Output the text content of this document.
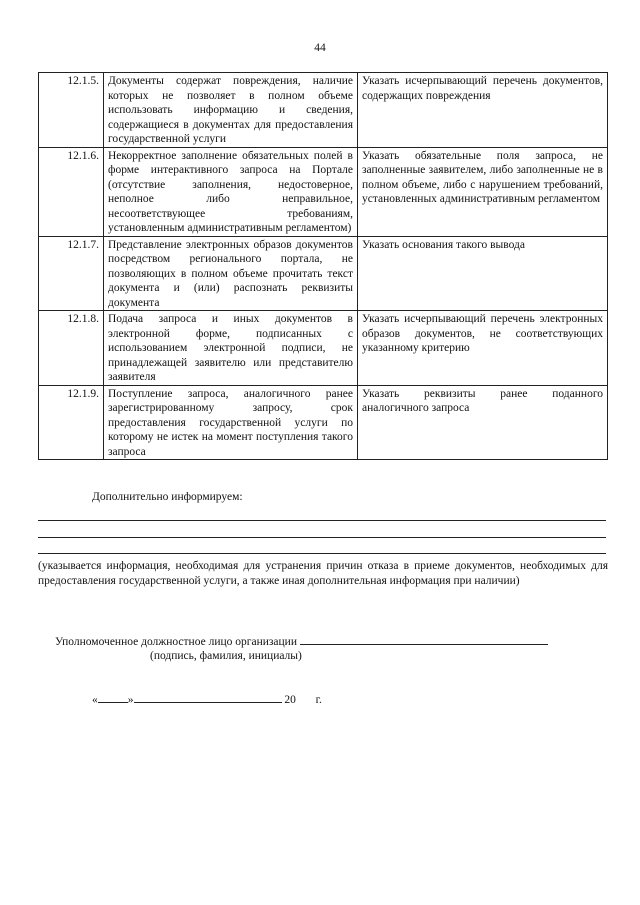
44
12.1.5.	Документы содержат повреждения, наличие которых не позволяет в полном объеме использовать информацию и сведения, содержащиеся в документах для предоставления государственной услуги	Указать исчерпывающий перечень документов, содержащих повреждения
12.1.6.	Некорректное заполнение обязательных полей в форме интерактивного запроса на Портале (отсутствие заполнения, недостоверное, неполное либо неправильное, несоответствующее требованиям, установленным административным регламентом)	Указать обязательные поля запроса, не заполненные заявителем, либо заполненные не в полном объеме, либо с нарушением требований, установленных административным регламентом
12.1.7.	Представление электронных образов документов посредством регионального портала, не позволяющих в полном объеме прочитать текст документа и (или) распознать реквизиты документа	Указать основания такого вывода
12.1.8.	Подача запроса и иных документов в электронной форме, подписанных с использованием электронной подписи, не принадлежащей заявителю или представителю заявителя	Указать исчерпывающий перечень электронных образов документов, не соответствующих указанному критерию
12.1.9.	Поступление запроса, аналогичного ранее зарегистрированному запросу, срок предоставления государственной услуги по которому не истек на момент поступления такого запроса	Указать реквизиты ранее поданного аналогичного запроса
Дополнительно информируем:
(указывается информация, необходимая для устранения причин отказа в приеме документов, необходимых для предоставления государственной услуги, а также иная дополнительная информация при наличии)
Уполномоченное должностное лицо организации
(подпись, фамилия, инициалы)
«	»	20 г.
